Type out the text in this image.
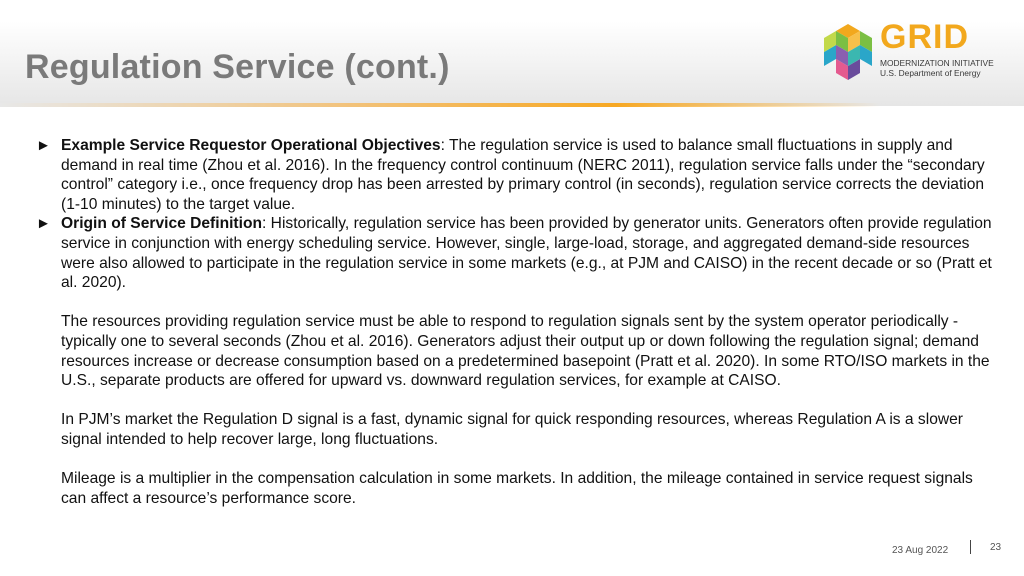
Regulation Service (cont.)
GRID
MODERNIZATION INITIATIVE
U.S. Department of Energy
► Example Service Requestor Operational Objectives: The regulation service is used to balance small fluctuations in supply and demand in real time (Zhou et al. 2016). In the frequency control continuum (NERC 2011), regulation service falls under the “secondary control” category i.e., once frequency drop has been arrested by primary control (in seconds), regulation service corrects the deviation (1-10 minutes) to the target value.
► Origin of Service Definition: Historically, regulation service has been provided by generator units. Generators often provide regulation service in conjunction with energy scheduling service. However, single, large-load, storage, and aggregated demand-side resources were also allowed to participate in the regulation service in some markets (e.g., at PJM and CAISO) in the recent decade or so (Pratt et al. 2020).
The resources providing regulation service must be able to respond to regulation signals sent by the system operator periodically - typically one to several seconds (Zhou et al. 2016). Generators adjust their output up or down following the regulation signal; demand resources increase or decrease consumption based on a predetermined basepoint (Pratt et al. 2020). In some RTO/ISO markets in the U.S., separate products are offered for upward vs. downward regulation services, for example at CAISO.
In PJM’s market the Regulation D signal is a fast, dynamic signal for quick responding resources, whereas Regulation A is a slower signal intended to help recover large, long fluctuations.
Mileage is a multiplier in the compensation calculation in some markets. In addition, the mileage contained in service request signals can affect a resource’s performance score.
23 Aug 2022	23
